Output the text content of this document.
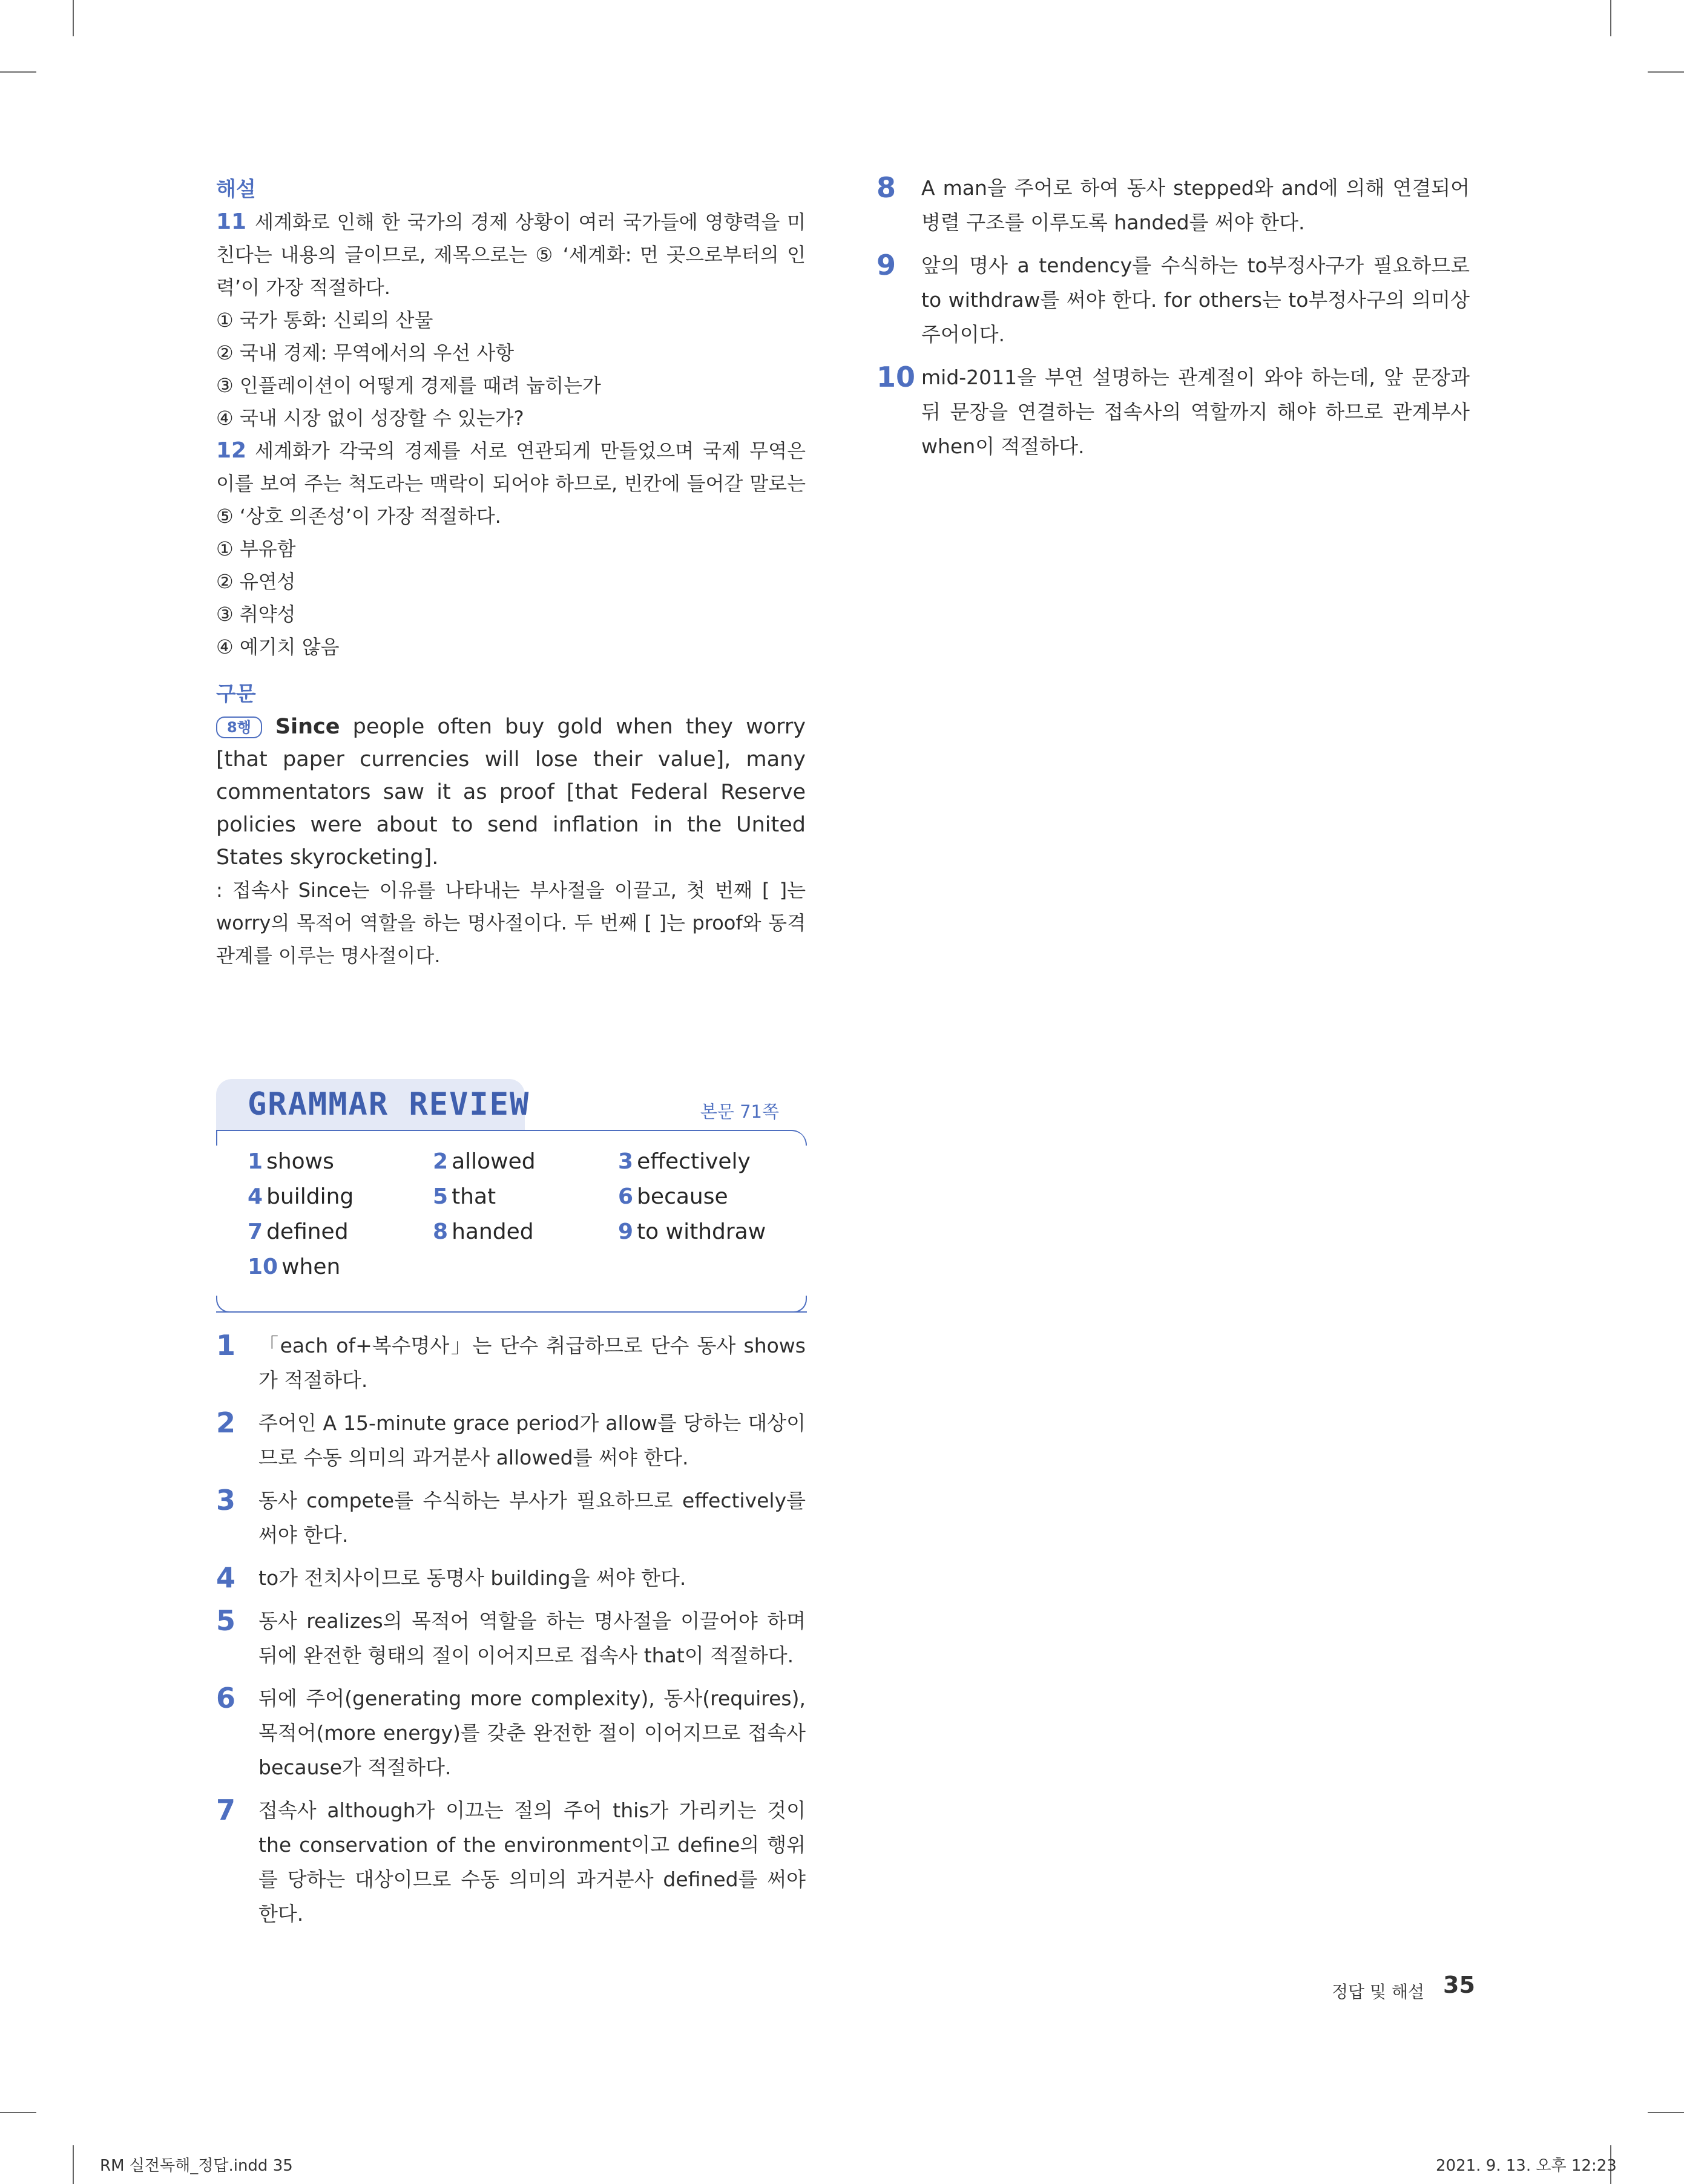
해설

11 세계화로 인해 한 국가의 경제 상황이 여러 국가들에 영향력을 미친다는 내용의 글이므로, 제목으로는 ⑤ ‘세계화: 먼 곳으로부터의 인력’이 가장 적절하다.

① 국가 통화: 신뢰의 산물

② 국내 경제: 무역에서의 우선 사항

③ 인플레이션이 어떻게 경제를 때려 눕히는가

④ 국내 시장 없이 성장할 수 있는가?

12 세계화가 각국의 경제를 서로 연관되게 만들었으며 국제 무역은 이를 보여 주는 척도라는 맥락이 되어야 하므로, 빈칸에 들어갈 말로는 ⑤ ‘상호 의존성’이 가장 적절하다.

① 부유함

② 유연성

③ 취약성

④ 예기치 않음

구문

8행 Since people often buy gold when they worry [that paper currencies will lose their value], many commentators saw it as proof [that Federal Reserve policies were about to send inflation in the United States skyrocketing].

: 접속사 Since는 이유를 나타내는 부사절을 이끌고, 첫 번째 [ ]는 worry의 목적어 역할을 하는 명사절이다. 두 번째 [ ]는 proof와 동격 관계를 이루는 명사절이다.

GRAMMAR REVIEW	본문 71쪽
1 shows	2 allowed	3 effectively
4 building	5 that	6 because
7 defined	8 handed	9 to withdraw
10 when
1 「each of+복수명사」는 단수 취급하므로 단수 동사 shows가 적절하다.

2 주어인 A 15-minute grace period가 allow를 당하는 대상이므로 수동 의미의 과거분사 allowed를 써야 한다.

3 동사 compete를 수식하는 부사가 필요하므로 effectively를 써야 한다.

4 to가 전치사이므로 동명사 building을 써야 한다.

5 동사 realizes의 목적어 역할을 하는 명사절을 이끌어야 하며 뒤에 완전한 형태의 절이 이어지므로 접속사 that이 적절하다.

6 뒤에 주어(generating more complexity), 동사(requires), 목적어(more energy)를 갖춘 완전한 절이 이어지므로 접속사 because가 적절하다.

7 접속사 although가 이끄는 절의 주어 this가 가리키는 것이 the conservation of the environment이고 define의 행위를 당하는 대상이므로 수동 의미의 과거분사 defined를 써야 한다.

8 A man을 주어로 하여 동사 stepped와 and에 의해 연결되어 병렬 구조를 이루도록 handed를 써야 한다.

9 앞의 명사 a tendency를 수식하는 to부정사구가 필요하므로 to withdraw를 써야 한다. for others는 to부정사구의 의미상 주어이다.

10 mid-2011을 부연 설명하는 관계절이 와야 하는데, 앞 문장과 뒤 문장을 연결하는 접속사의 역할까지 해야 하므로 관계부사 when이 적절하다.

정답 및 해설 35
RM 실전독해_정답.indd 35	2021. 9. 13. 오후 12:23
